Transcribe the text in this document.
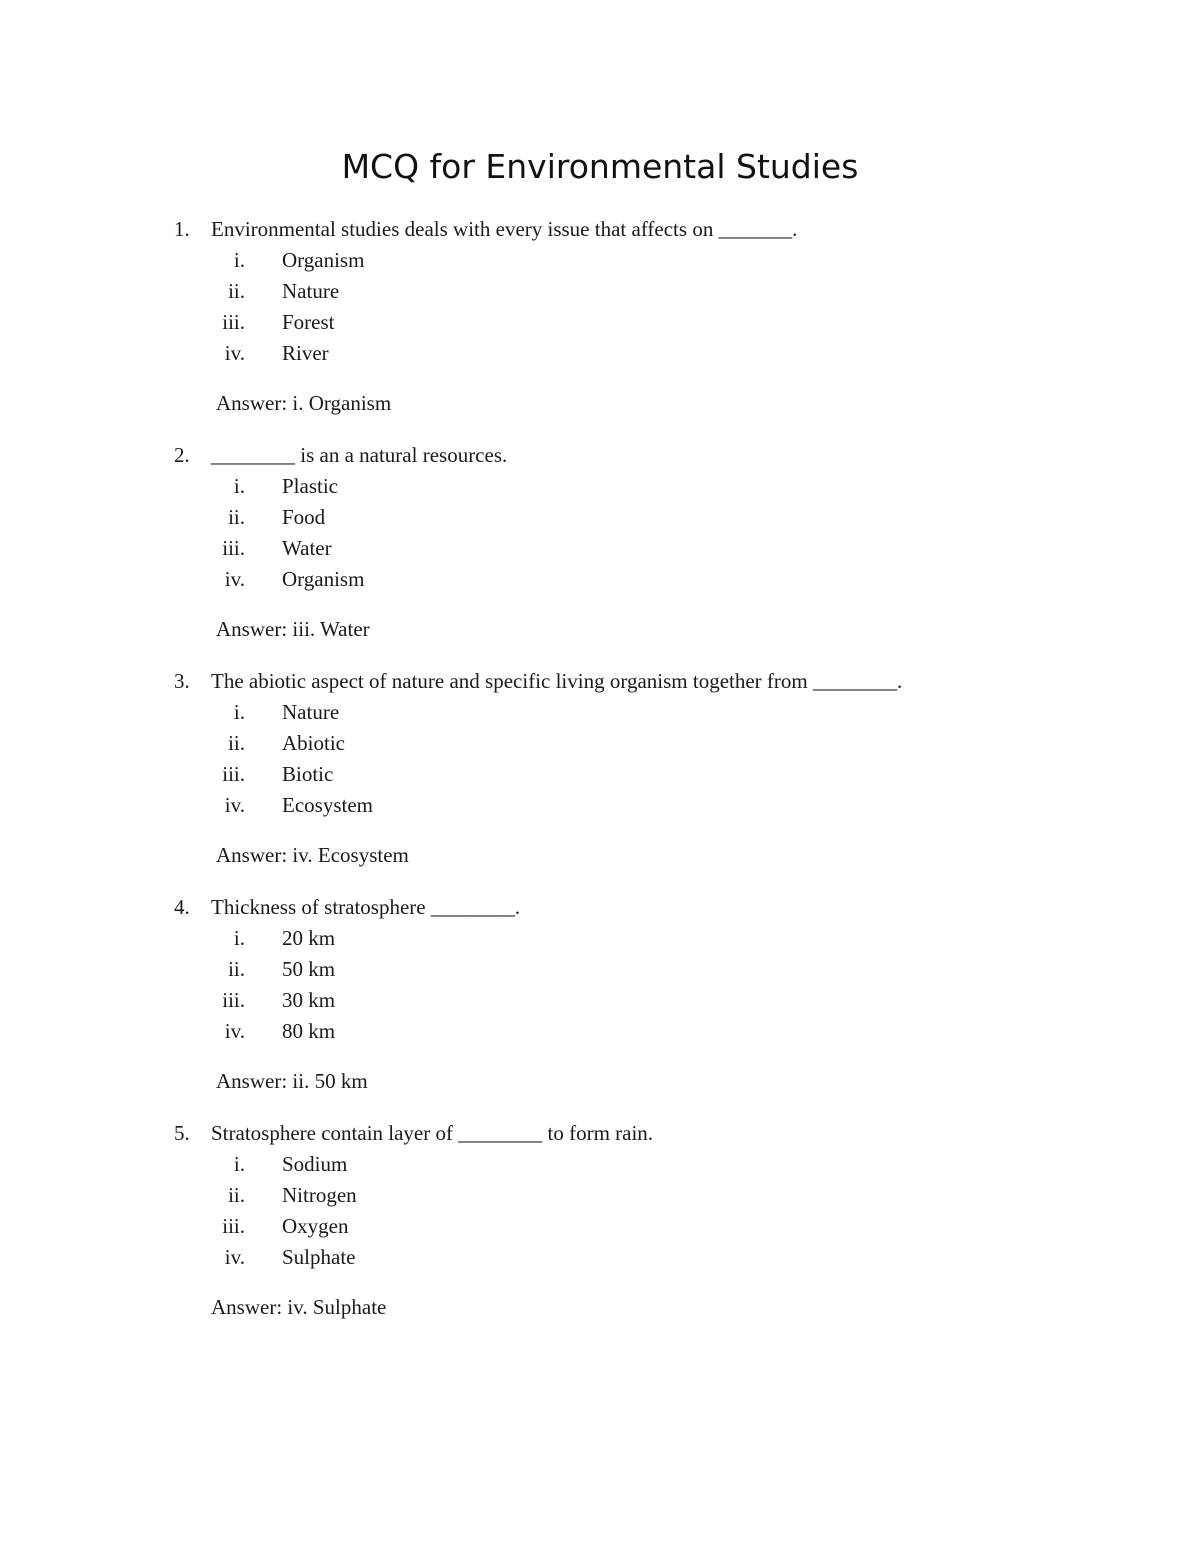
MCQ for Environmental Studies
1. Environmental studies deals with every issue that affects on _______.
i. Organism
ii. Nature
iii. Forest
iv. River
Answer: i. Organism
2. ________ is an a natural resources.
i. Plastic
ii. Food
iii. Water
iv. Organism
Answer: iii. Water
3. The abiotic aspect of nature and specific living organism together from ________.
i. Nature
ii. Abiotic
iii. Biotic
iv. Ecosystem
Answer: iv. Ecosystem
4. Thickness of stratosphere ________.
i. 20 km
ii. 50 km
iii. 30 km
iv. 80 km
Answer: ii. 50 km
5. Stratosphere contain layer of ________ to form rain.
i. Sodium
ii. Nitrogen
iii. Oxygen
iv. Sulphate
Answer: iv. Sulphate
